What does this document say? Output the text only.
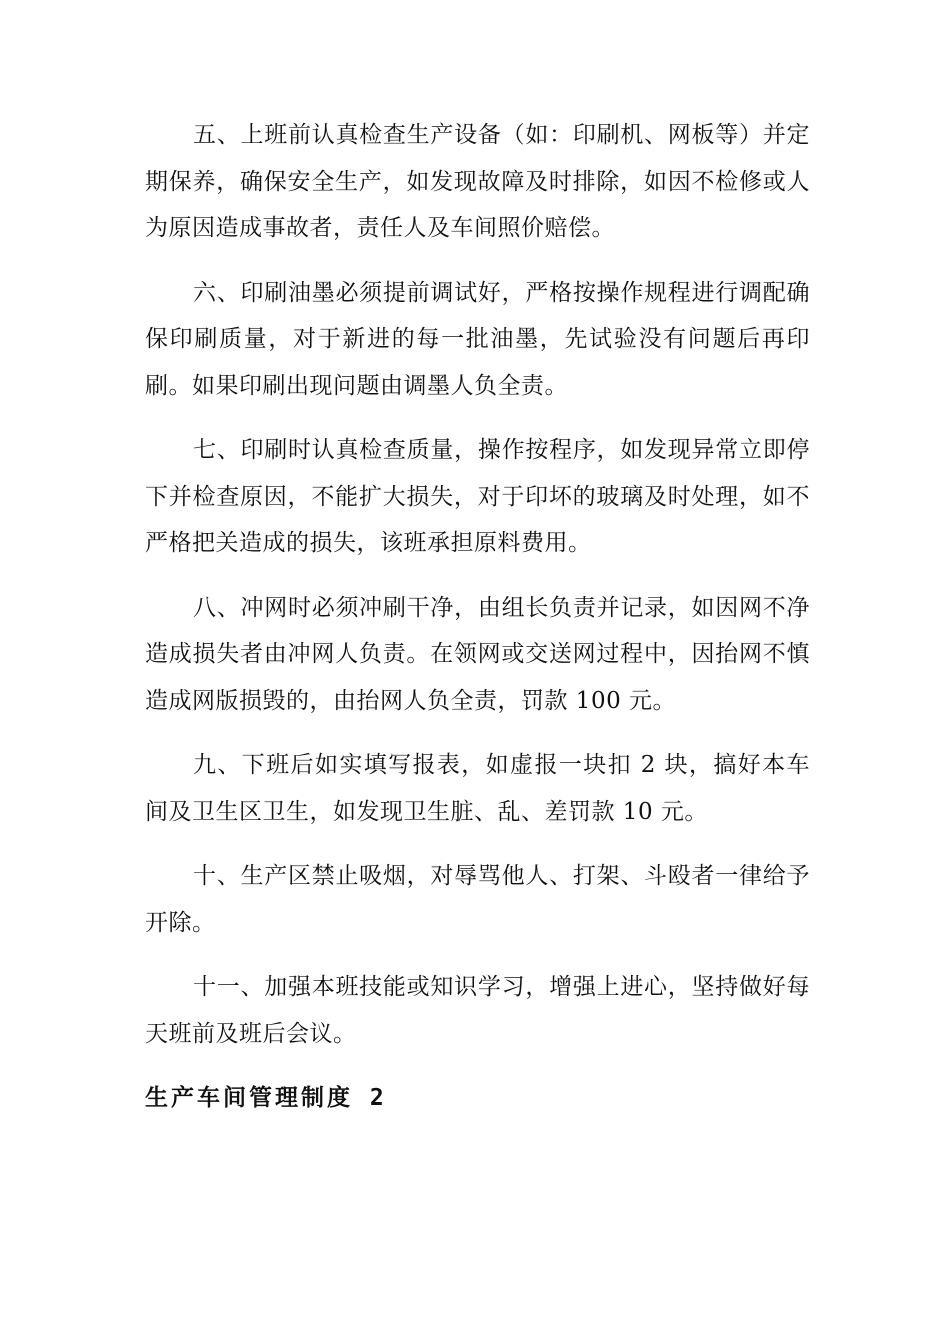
五、上班前认真检查生产设备（如：印刷机、网板等）并定期保养，确保安全生产，如发现故障及时排除，如因不检修或人为原因造成事故者，责任人及车间照价赔偿。

六、印刷油墨必须提前调试好，严格按操作规程进行调配确保印刷质量，对于新进的每一批油墨，先试验没有问题后再印刷。如果印刷出现问题由调墨人负全责。

七、印刷时认真检查质量，操作按程序，如发现异常立即停下并检查原因，不能扩大损失，对于印坏的玻璃及时处理，如不严格把关造成的损失，该班承担原料费用。

八、冲网时必须冲刷干净，由组长负责并记录，如因网不净造成损失者由冲网人负责。在领网或交送网过程中，因抬网不慎造成网版损毁的，由抬网人负全责，罚款 100 元。

九、下班后如实填写报表，如虚报一块扣 2 块，搞好本车间及卫生区卫生，如发现卫生脏、乱、差罚款 10 元。

十、生产区禁止吸烟，对辱骂他人、打架、斗殴者一律给予开除。

十一、加强本班技能或知识学习，增强上进心，坚持做好每天班前及班后会议。

生产车间管理制度 2
